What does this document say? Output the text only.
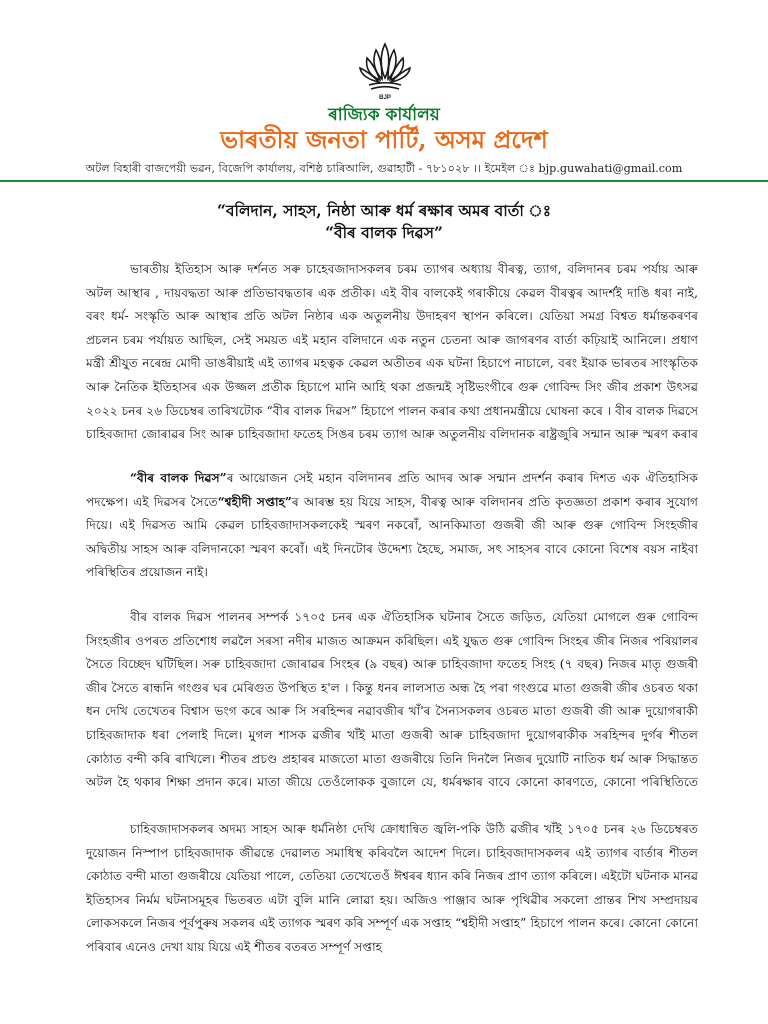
BJP
ৰাজ্যিক কাৰ্যালয়
ভাৰতীয় জনতা পাৰ্টি, অসম প্ৰদেশ
অটল বিহাৰী বাজপেয়ী ভৱন, বিজেপি কাৰ্যালয়, বশিষ্ঠ চাৰিআলি, গুৱাহাটী - ৭৮১০২৮ ।। ইমেইল ঃ bjp.guwahati@gmail.com
“বলিদান, সাহস, নিষ্ঠা আৰু ধৰ্ম ৰক্ষাৰ অমৰ বাৰ্তা ঃ
“বীৰ বালক দিৱস”

ভাৰতীয় ইতিহাস আৰু দৰ্শনত সৰু চাহেবজাদাসকলৰ চৰম ত্যাগৰ অধ্যায় বীৰত্ব, ত্যাগ, বলিদানৰ চৰম পৰ্যায় আৰু অটল আস্থাৰ , দায়বদ্ধতা আৰু প্ৰতিভাবদ্ধতাৰ এক প্ৰতীক। এই বীৰ বালকেই গৰাকীয়ে কেৱল বীৰত্বৰ আদৰ্শই দাঙি ধৰা নাই, বৰং ধৰ্ম- সংস্কৃতি আৰু আস্থাৰ প্ৰতি অটল নিষ্ঠাৰ এক অতুলনীয় উদাহৰণ স্থাপন কৰিলে। যেতিয়া সমগ্ৰ বিশ্বত ধৰ্মান্তকৰণৰ প্ৰচলন চৰম পৰ্যায়ত আছিল, সেই সময়ত এই মহান বলিদানে এক নতুন চেতনা আৰু জাগৰণৰ বাৰ্তা কঢ়িয়াই আনিলে। প্ৰধাণ মন্ত্ৰী শ্ৰীযুত নৰেন্দ্ৰ মোদী ডাঙৰীয়াই এই ত্যাগৰ মহত্বক কেৱল অতীতৰ এক ঘটনা হিচাপে নাচালে, বৰং ইয়াক ভাৰতৰ সাংস্কৃতিক আৰু নৈতিক ইতিহাসৰ এক উজ্জল প্ৰতীক হিচাপে মানি আহি থকা প্ৰজন্মই সৃষ্টিভংগীৰে গুৰু গোবিন্দ সিং জীৰ প্ৰকাশ উৎসৱ ২০২২ চনৰ ২৬ ডিচেম্বৰ তাৰিখটোক “বীৰ বালক দিৱস” হিচাপে পালন কৰাৰ কথা প্ৰধানমন্ত্ৰীয়ে ঘোষনা কৰে । বীৰ বালক দিৱসে চাহিবজাদা জোৰাৱৰ সিং আৰু চাহিবজাদা ফতেহ সিঙৰ চৰম ত্যাগ আৰু অতুলনীয় বলিদানক ৰাষ্ট্ৰজুৰি সন্মান আৰু স্মৰণ কৰাৰ

“বীৰ বালক দিৱস”ৰ আয়োজন সেই মহান বলিদানৰ প্ৰতি আদৰ আৰু সন্মান প্ৰদৰ্শন কৰাৰ দিশত এক ঐতিহাসিক পদক্ষেপ। এই দিৱসৰ সৈতে“শ্বহীদী সপ্তাহ”ৰ আৰম্ভ হয় যিয়ে সাহস, বীৰত্ব আৰু বলিদানৰ প্ৰতি কৃতজ্ঞতা প্ৰকাশ কৰাৰ সুযোগ দিয়ে। এই দিৱসত আমি কেৱল চাহিবজাদাসকলকেই স্মৰণ নকৰোঁ, আনকিমাতা গুজৰী জী আৰু গুৰু গোবিন্দ সিংহজীৰ অদ্বিতীয় সাহস আৰু বলিদানকো স্মৰণ কৰোঁ। এই দিনটোৰ উদ্দেশ্য হৈছে, সমাজ, সৎ সাহসৰ বাবে কোনো বিশেষ বয়স নাইবা পৰিস্থিতিৰ প্ৰয়োজন নাই।

বীৰ বালক দিৱস পালনৰ সম্পৰ্ক ১৭০৫ চনৰ এক ঐতিহাসিক ঘটনাৰ সৈতে জড়িত, যেতিয়া মোগলে গুৰু গোবিন্দ সিংহজীৰ ওপৰত প্ৰতিশোধ লৱলৈ সৰসা নদীৰ মাজত আক্ৰমন কৰিছিল। এই যুদ্ধত গুৰু গোবিন্দ সিংহৰ জীৰ নিজৰ পৰিয়ালৰ সৈতে বিচ্ছেদ ঘটিছিল। সৰু চাহিবজাদা জোৰাৱৰ সিংহৰ (৯ বছৰ) আৰু চাহিবজাদা ফতেহ সিংহ (৭ বছৰ) নিজৰ মাতৃ গুজৰী জীৰ সৈতে ৰান্ধনি গংগুৰ ঘৰ মেৰিগুত উপস্থিত হ'ল । কিন্তু ধনৰ লালসাত অন্ধ হৈ পৰা গংগুৱে মাতা গুজৰী জীৰ ওচৰত থকা ধন দেখি তেখেতৰ বিশ্বাস ভংগ কৰে আৰু সি সৰহিন্দৰ নৱাবজীৰ খাঁ'ৰ সৈন্যসকলৰ ওচৰত মাতা গুজৰী জী আৰু দুয়োগৰাকী চাহিবজাদাক ধৰা পেলাই দিলে। মুগল শাসক ৱজীৰ খাঁই মাতা গুজৰী আৰু চাহিবজাদা দুয়োগৰাকীক সৰহিন্দৰ দুৰ্গৰ শীতল কোঠাত বন্দী কৰি ৰাখিলে। শীতৰ প্ৰচণ্ড প্ৰহাৰৰ মাজতো মাতা গুজৰীয়ে তিনি দিনলৈ নিজৰ দুয়োটি নাতিক ধৰ্ম আৰু সিদ্ধান্তত অটল হৈ থকাৰ শিক্ষা প্ৰদান কৰে। মাতা জীয়ে তেওঁলোকক বুজালে যে, ধৰ্মৰক্ষাৰ বাবে কোনো কাৰণতে, কোনো পৰিস্থিতিতে

চাহিবজাদাসকলৰ অদম্য সাহস আৰু ধৰ্মনিষ্ঠা দেখি ক্ৰোধান্বিত জ্বলি-পকি উঠি ৱজীৰ খাঁই ১৭০৫ চনৰ ২৬ ডিচেম্বৰত দুয়োজন নিস্পাপ চাহিবজাদাক জীৱন্তে দেৱালত সমাধিস্থ কৰিবলৈ আদেশ দিলে। চাহিবজাদাসকলৰ এই ত্যাগৰ বাৰ্তাৰ শীতল কোঠাত বন্দী মাতা গুজৰীয়ে যেতিয়া পালে, তেতিয়া তেখেতেওঁ ঈশ্বৰৰ ধ্যান কৰি নিজৰ প্ৰাণ ত্যাগ কৰিলে। এইটো ঘটনাক মানৱ ইতিহাসৰ নিৰ্মম ঘটনাসমূহৰ ভিতৰত এটা বুলি মানি লোৱা হয়। অজিও পাঞ্জাব আৰু পৃথিৱীৰ সকলো প্ৰান্তৰ শিখ সম্প্ৰদায়ৰ লোকসকলে নিজৰ পূৰ্বপুৰুষ সকলৰ এই ত্যাগক স্মৰণ কৰি সম্পূৰ্ণ এক সপ্তাহ “শ্বহীদী সপ্তাহ” হিচাপে পালন কৰে। কোনো কোনো পৰিবাৰ এনেও দেখা যায় যিয়ে এই শীতৰ বতৰত সম্পূৰ্ণ সপ্তাহ
